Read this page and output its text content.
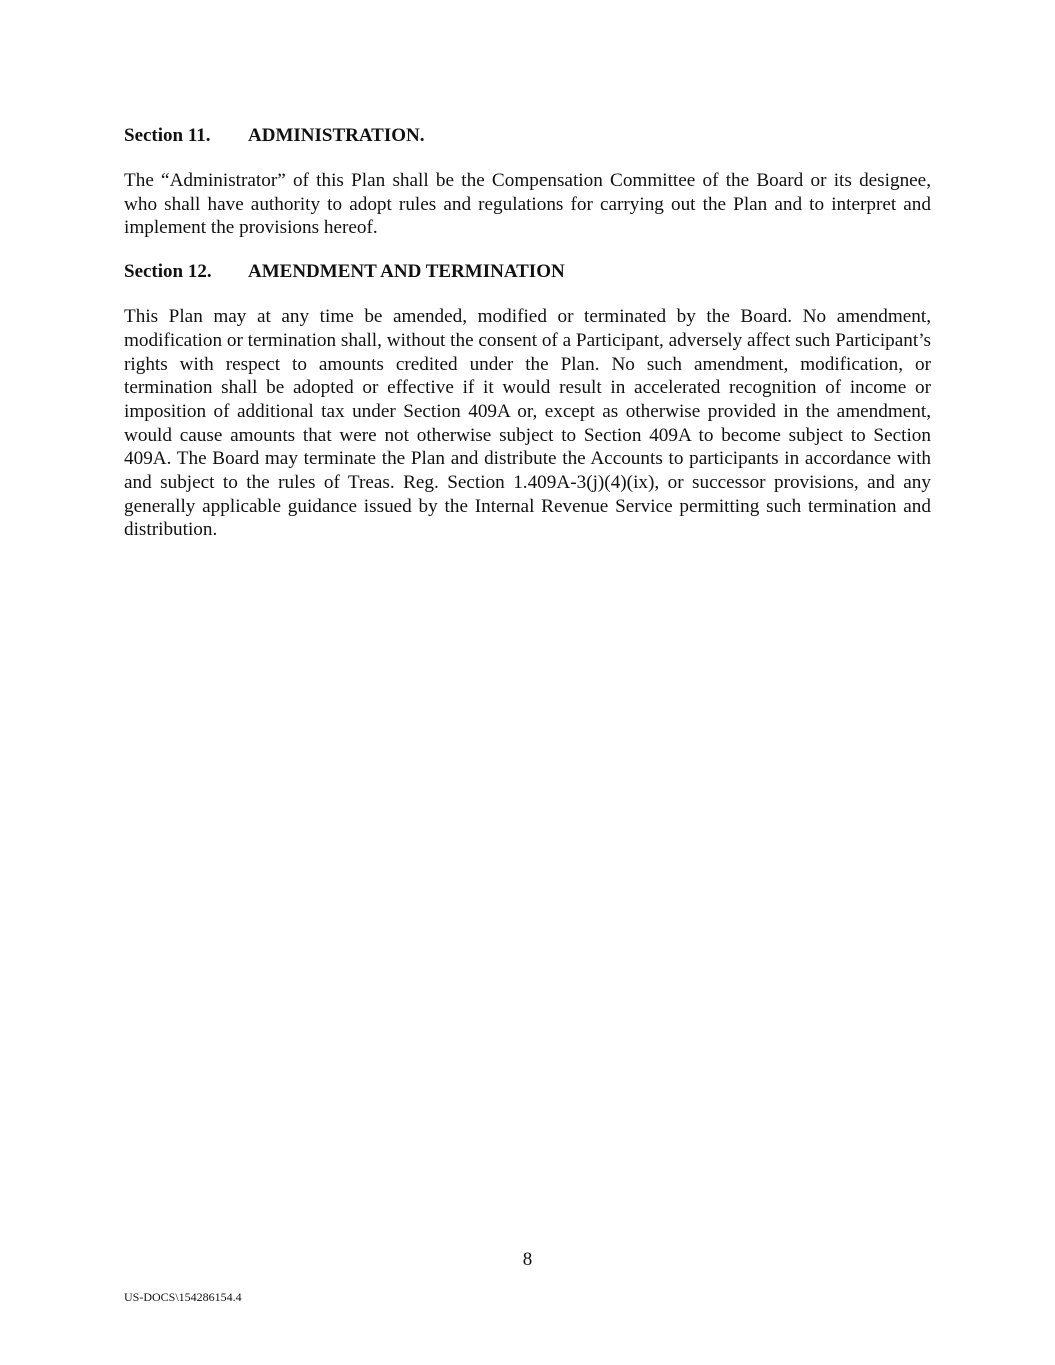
Section 11.	ADMINISTRATION.

The “Administrator” of this Plan shall be the Compensation Committee of the Board or its designee, who shall have authority to adopt rules and regulations for carrying out the Plan and to interpret and implement the provisions hereof.

Section 12.	AMENDMENT AND TERMINATION

This Plan may at any time be amended, modified or terminated by the Board. No amendment, modification or termination shall, without the consent of a Participant, adversely affect such Participant’s rights with respect to amounts credited under the Plan. No such amendment, modification, or termination shall be adopted or effective if it would result in accelerated recognition of income or imposition of additional tax under Section 409A or, except as otherwise provided in the amendment, would cause amounts that were not otherwise subject to Section 409A to become subject to Section 409A. The Board may terminate the Plan and distribute the Accounts to participants in accordance with and subject to the rules of Treas. Reg. Section 1.409A-3(j)(4)(ix), or successor provisions, and any generally applicable guidance issued by the Internal Revenue Service permitting such termination and distribution.

8
US-DOCS\154286154.4
